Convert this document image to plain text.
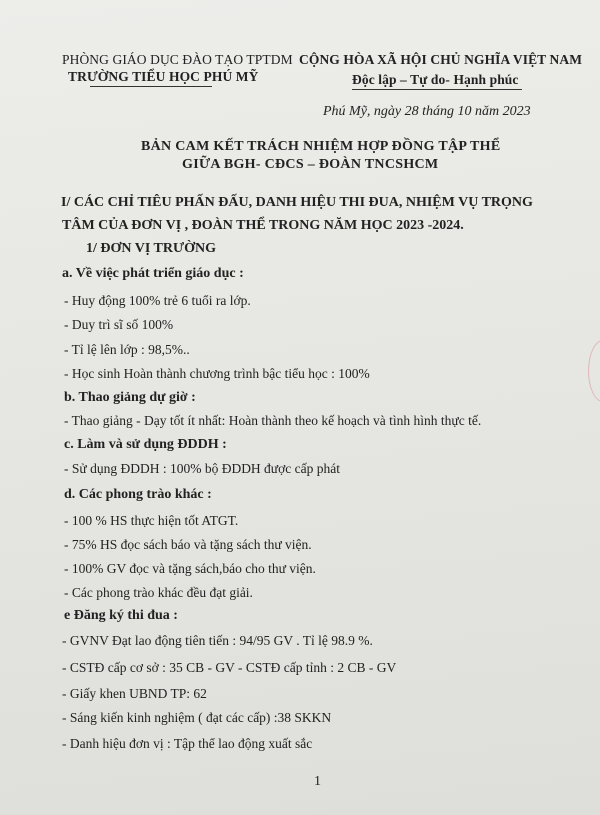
PHÒNG GIÁO DỤC ĐÀO TẠO TPTDM CỘNG HÒA XÃ HỘI CHỦ NGHĨA VIỆT NAM
TRƯỜNG TIỂU HỌC PHÚ MỸ	Độc lập – Tự do- Hạnh phúc
Phú Mỹ, ngày 28 tháng 10 năm 2023
BẢN CAM KẾT TRÁCH NHIỆM HỢP ĐỒNG TẬP THỂ
GIỮA BGH- CĐCS – ĐOÀN TNCSHCM
I/ CÁC CHỈ TIÊU PHẤN ĐẤU, DANH HIỆU THI ĐUA, NHIỆM VỤ TRỌNG
TÂM CỦA ĐƠN VỊ , ĐOÀN THỂ TRONG NĂM HỌC 2023 -2024.
1/ ĐƠN VỊ TRƯỜNG
a. Về việc phát triển giáo dục :
- Huy động 100% trẻ 6 tuổi ra lớp.
- Duy trì sĩ số 100%
- Tỉ lệ lên lớp : 98,5%..
- Học sinh Hoàn thành chương trình bậc tiểu học : 100%
b. Thao giảng dự giờ :
- Thao giảng - Dạy tốt ít nhất: Hoàn thành theo kế hoạch và tình hình thực tế.
c. Làm và sử dụng ĐDDH :
- Sử dụng ĐDDH : 100% bộ ĐDDH được cấp phát
d. Các phong trào khác :
- 100 % HS thực hiện tốt ATGT.
- 75% HS đọc sách báo và tặng sách thư viện.
- 100% GV đọc và tặng sách,báo cho thư viện.
- Các phong trào khác đều đạt giải.
e Đăng ký thi đua :
- GVNV Đạt lao động tiên tiến : 94/95 GV . Tỉ lệ 98.9 %.
- CSTĐ cấp cơ sở : 35 CB - GV - CSTĐ cấp tỉnh : 2 CB - GV
- Giấy khen UBND TP: 62
- Sáng kiến kinh nghiệm ( đạt các cấp) :38 SKKN
- Danh hiệu đơn vị : Tập thể lao động xuất sắc
1
